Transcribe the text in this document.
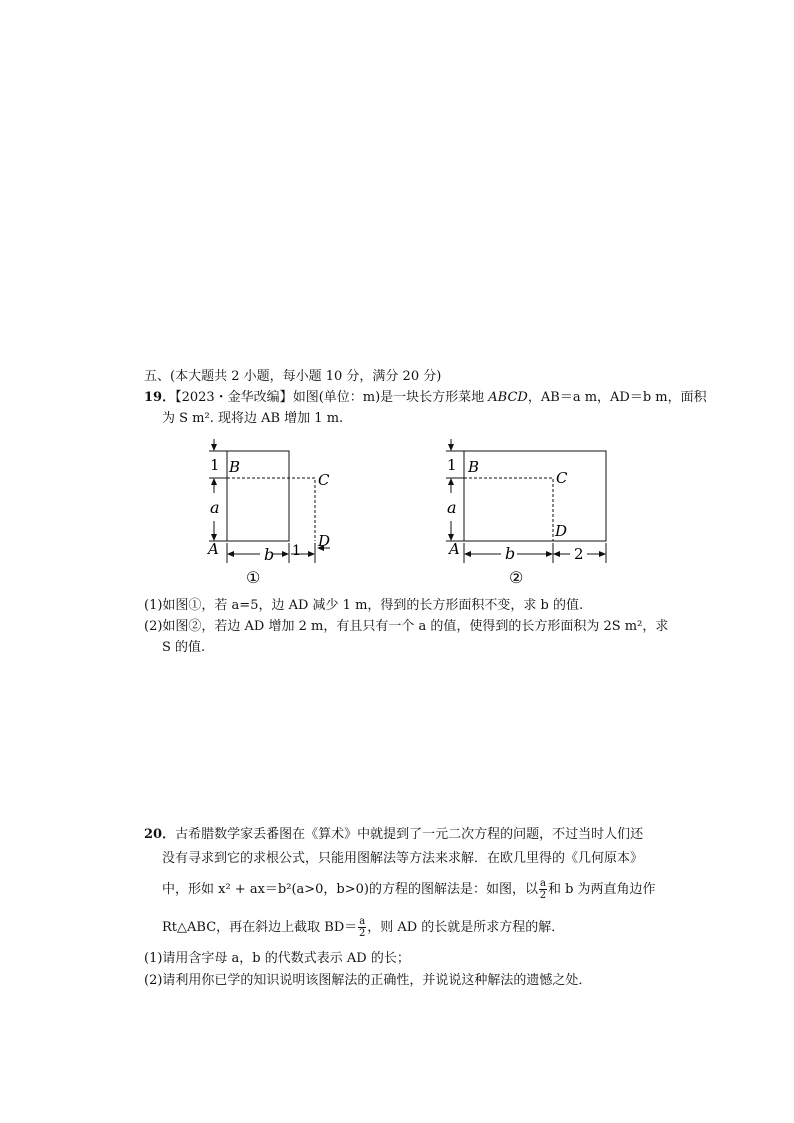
五、(本大题共 2 小题，每小题 10 分，满分 20 分)
19．【2023・金华改编】如图(单位：m)是一块长方形菜地 ABCD，AB＝a m，AD＝b m，面积
为 S m². 现将边 AB 增加 1 m.
1
a
B
C
A	D
b 1
①
1
a
B
C
A
D
b	2
②
(1)如图①，若 a=5，边 AD 减少 1 m，得到的长方形面积不变，求 b 的值.
(2)如图②，若边 AD 增加 2 m，有且只有一个 a 的值，使得到的长方形面积为 2S m²，求
S 的值.
20．古希腊数学家丢番图在《算术》中就提到了一元二次方程的问题，不过当时人们还
没有寻求到它的求根公式，只能用图解法等方法来求解．在欧几里得的《几何原本》
中，形如 x² + ax＝b²(a>0，b>0)的方程的图解法是：如图，以 $\frac{a}{2}$ 和 b 为两直角边作
Rt△ABC，再在斜边上截取 $BD= \frac{a}{2}$ ，则 AD 的长就是所求方程的解．
(1)请用含字母 a，b 的代数式表示 AD 的长；
(2)请利用你已学的知识说明该图解法的正确性，并说说这种解法的遗憾之处．
